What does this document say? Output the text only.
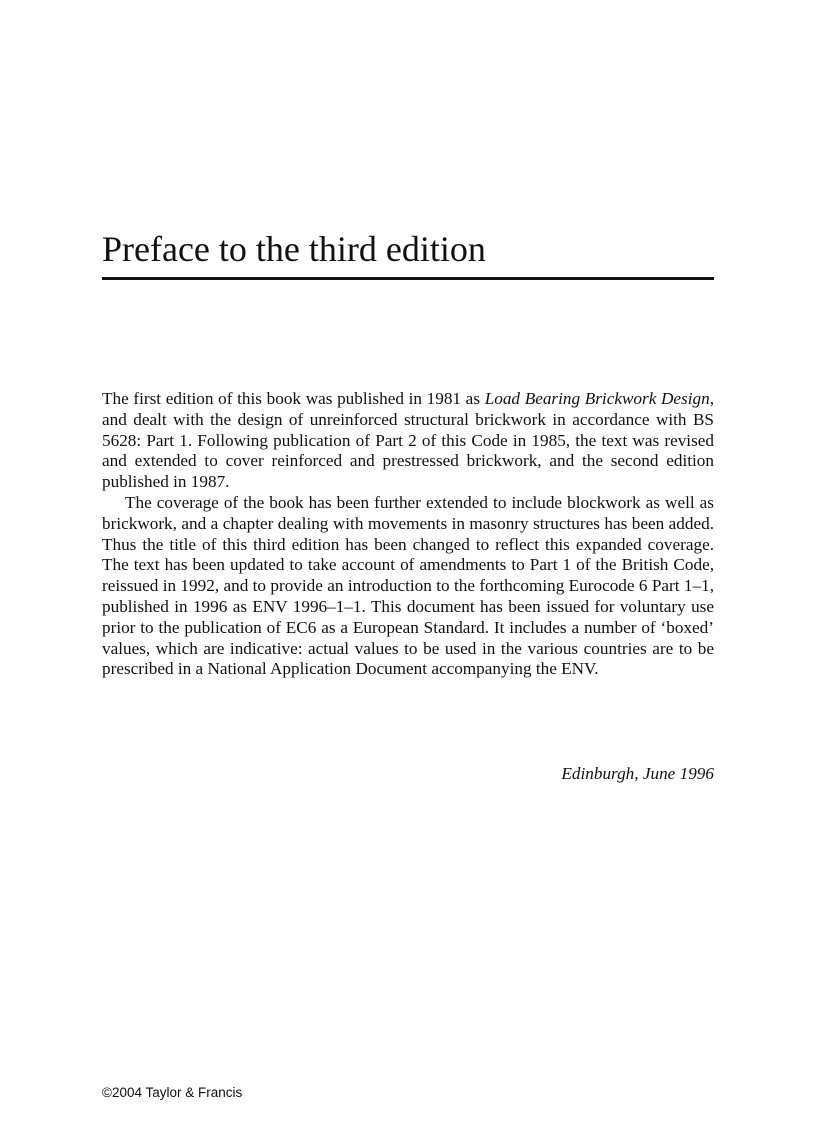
Preface to the third edition

The first edition of this book was published in 1981 as Load Bearing Brickwork Design, and dealt with the design of unreinforced structural brickwork in accordance with BS 5628: Part 1. Following publication of Part 2 of this Code in 1985, the text was revised and extended to cover reinforced and prestressed brickwork, and the second edition published in 1987.

The coverage of the book has been further extended to include blockwork as well as brickwork, and a chapter dealing with movements in masonry structures has been added. Thus the title of this third edition has been changed to reflect this expanded coverage. The text has been updated to take account of amendments to Part 1 of the British Code, reissued in 1992, and to provide an introduction to the forthcoming Eurocode 6 Part 1–1, published in 1996 as ENV 1996–1–1. This document has been issued for voluntary use prior to the publication of EC6 as a European Standard. It includes a number of ‘boxed’ values, which are indicative: actual values to be used in the various countries are to be prescribed in a National Application Document accompanying the ENV.

Edinburgh, June 1996
©2004 Taylor & Francis
